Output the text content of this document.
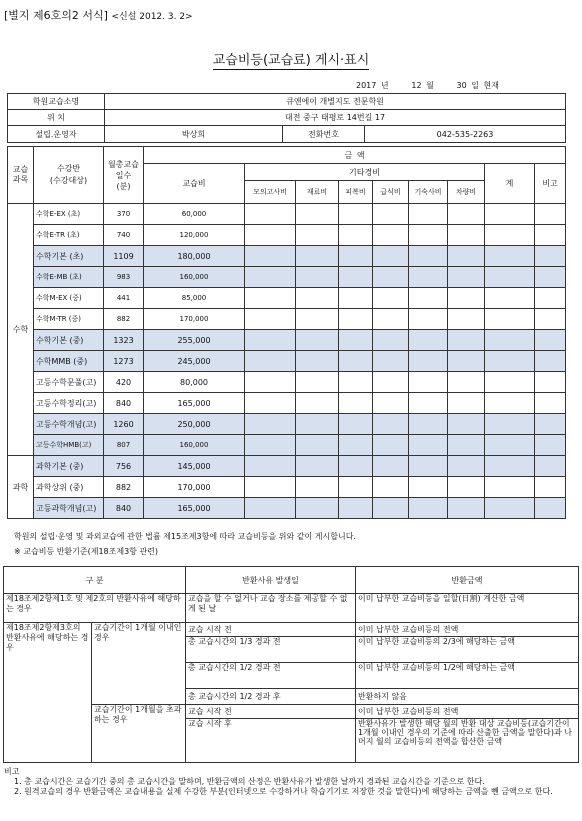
[별지 제6호의2 서식] <신설 2012. 3. 2>
교습비등(교습료) 게시·표시
2017 년	12 월	30 일 현재
학원교습소명	큐앤에이 개별지도 전문학원		
위 치	대전 중구 태평로 14번길 17		
설립.운영자	박상희	전화번호	042-535-2263
교습
과목	수강반
(수강대상)	월총교습
일수
(분)	금 액								
			교습비	기타경비						계	비고
				모의고사비	재료비	피복비	급식비	기숙사비	차량비		
수학	수학E-EX (초)	370	60,000								
	수학E-TR (초)	740	120,000								
	수학기본 (초)	1109	180,000								
	수학E-MB (초)	983	160,000								
	수학M-EX (중)	441	85,000								
	수학M-TR (중)	882	170,000								
	수학기본 (중)	1323	255,000								
	수학MMB (중)	1273	245,000								
	고등수학문풀(고)	420	80,000								
	고등수학정리(고)	840	165,000								
	고등수학개념(고)	1260	250,000								
	고등수학HMB(고)	807	160,000								
과학	과학기본 (중)	756	145,000								
	과학상위 (중)	882	170,000								
	고등과학개념(고)	840	165,000								
학원의 설립·운영 및 과외교습에 관한 법률 제15조제3항에 따라 교습비등을 위와 같이 게시합니다.
※ 교습비등 반환기준(제18조제3항 관련)
구 분		반환사유 발생일	반환금액
제18조제2항제1호 및 제2호의 반환사유에 해당하는 경우		교습을 할 수 없거나 교습 장소를 제공할 수 없게 된 날	이미 납부한 교습비등을 일할(日割) 계산한 금액
제18조제2항제3호의 반환사유에 해당하는 경우	교습기간이 1개월 이내인 경우	교습 시작 전	이미 납부한 교습비등의 전액
		총 교습시간의 1/3 경과 전	이미 납부한 교습비등의 2/3에 해당하는 금액
		총 교습시간의 1/2 경과 전	이미 납부한 교습비등의 1/2에 해당하는 금액
		총 교습시간의 1/2 경과 후	반환하지 않음
	교습기간이 1개월을 초과하는 경우	교습 시작 전	이미 납부한 교습비등의 전액
		교습 시작 후	반환사유가 발생한 해당 월의 반환 대상 교습비등(교습기간이 1개월 이내인 경우의 기준에 따라 산출한 금액을 말한다)과 나머지 월의 교습비등의 전액을 합산한 금액
비고
1. 총 교습시간은 교습기간 중의 총 교습시간을 말하며, 반환금액의 산정은 반환사유가 발생한 날까지 경과된 교습시간을 기준으로 한다.
2. 원격교습의 경우 반환금액은 교습내용을 실제 수강한 부분(인터넷으로 수강하거나 학습기기로 저장한 것을 말한다)에 해당하는 금액을 뺀 금액으로 한다.
